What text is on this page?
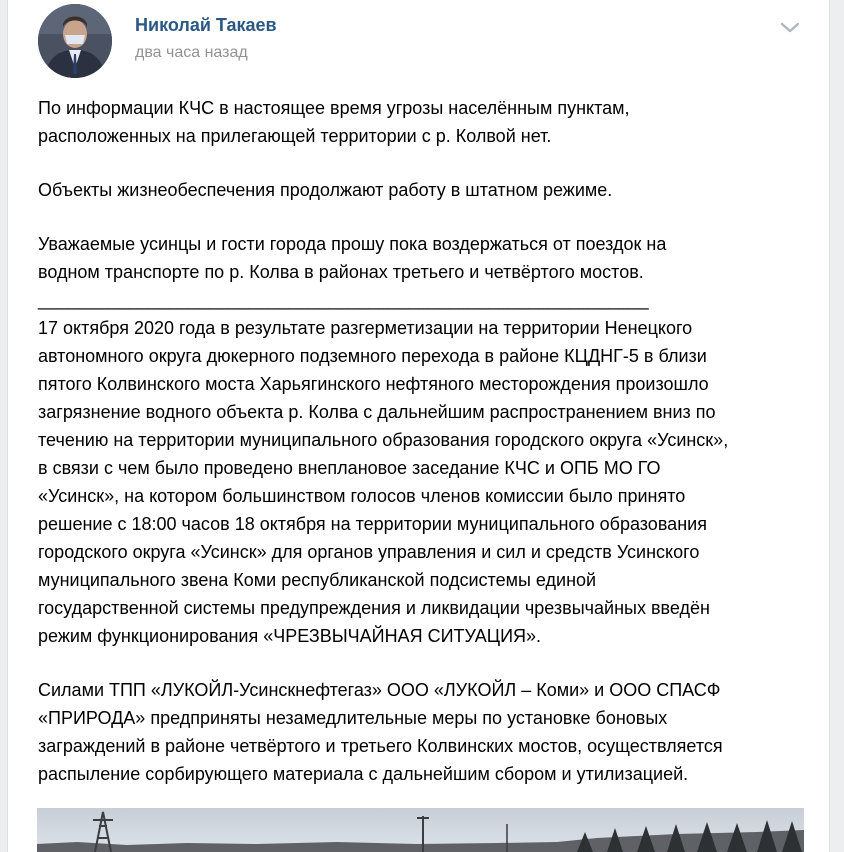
Николай Такаев
два часа назад
По информации КЧС в настоящее время угрозы населённым пунктам,
расположенных на прилегающей территории с р. Колвой нет.
Объекты жизнеобеспечения продолжают работу в штатном режиме.
Уважаемые усинцы и гости города прошу пока воздержаться от поездок на
водном транспорте по р. Колва в районах третьего и четвёртого мостов.
_____________________________________________________________
17 октября 2020 года в результате разгерметизации на территории Ненецкого
автономного округа дюкерного подземного перехода в районе КЦДНГ-5 в близи
пятого Колвинского моста Харьягинского нефтяного месторождения произошло
загрязнение водного объекта р. Колва с дальнейшим распространением вниз по
течению на территории муниципального образования городского округа «Усинск»,
в связи с чем было проведено внеплановое заседание КЧС и ОПБ МО ГО
«Усинск», на котором большинством голосов членов комиссии было принято
решение с 18:00 часов 18 октября на территории муниципального образования
городского округа «Усинск» для органов управления и сил и средств Усинского
муниципального звена Коми республиканской подсистемы единой
государственной системы предупреждения и ликвидации чрезвычайных введён
режим функционирования «ЧРЕЗВЫЧАЙНАЯ СИТУАЦИЯ».
Силами ТПП «ЛУКОЙЛ-Усинскнефтегаз» ООО «ЛУКОЙЛ – Коми» и ООО СПАСФ
«ПРИРОДА» предприняты незамедлительные меры по установке боновых
заграждений в районе четвёртого и третьего Колвинских мостов, осуществляется
распыление сорбирующего материала с дальнейшим сбором и утилизацией.
